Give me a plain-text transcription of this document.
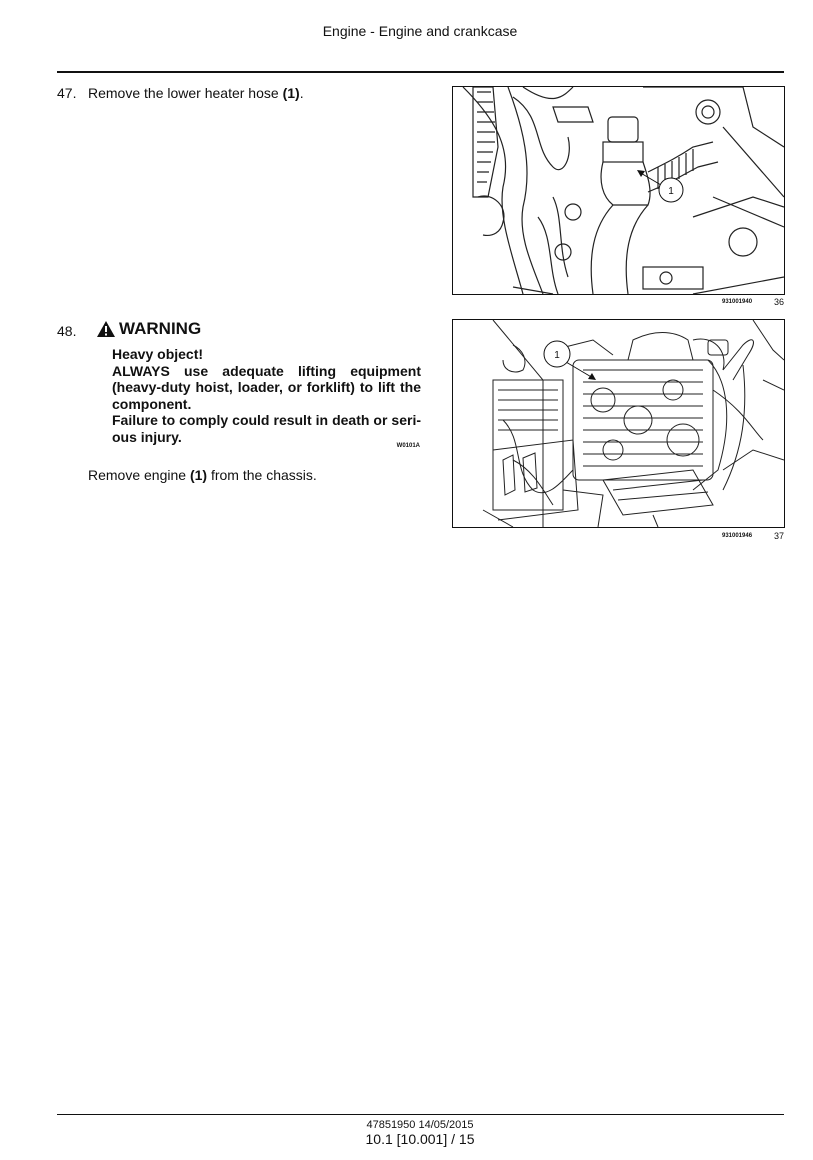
Engine - Engine and crankcase
47. Remove the lower heater hose (1).
1
931001940 36
48.	WARNING

Heavy object!

ALWAYS use adequate lifting equipment (heavy-duty hoist, loader, or forklift) to lift the component.

Failure to comply could result in death or seri-ous injury.

W0101A
Remove engine (1) from the chassis.
1
931001946 37
47851950 14/05/2015
10.1 [10.001] / 15
